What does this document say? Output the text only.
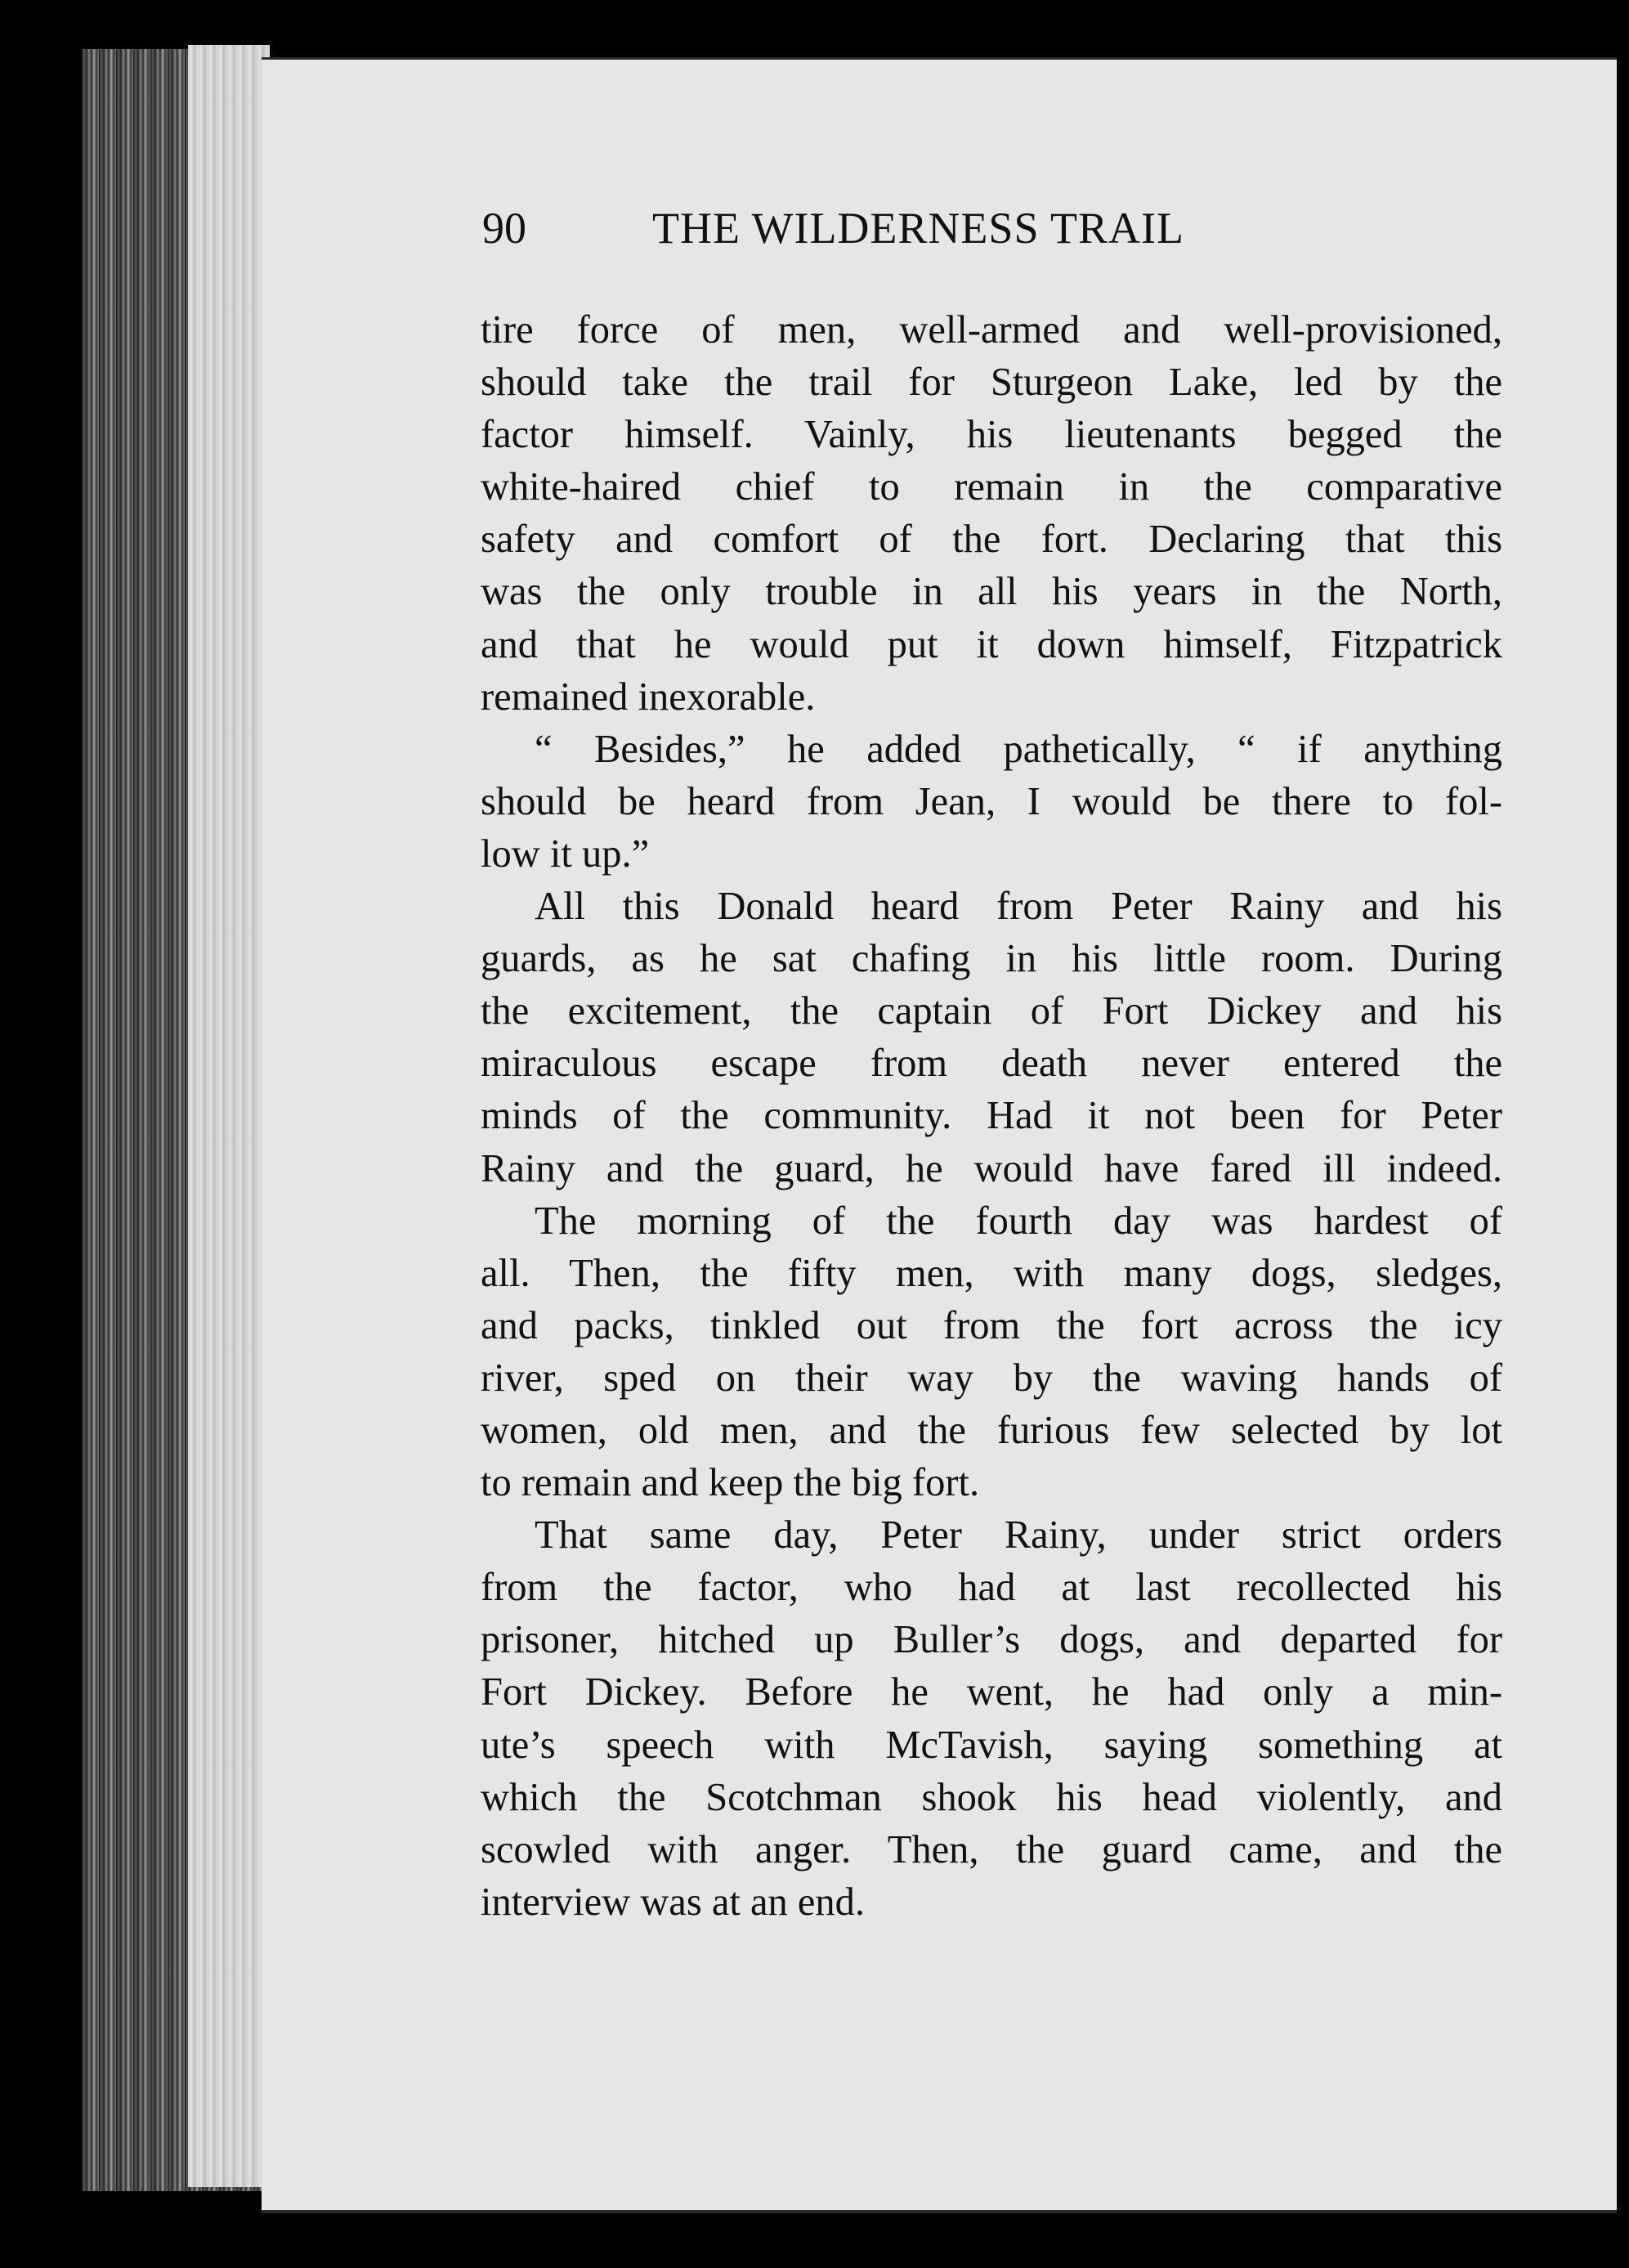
90	THE WILDERNESS TRAIL
tire force of men, well-armed and well-provisioned,
should take the trail for Sturgeon Lake, led by the
factor himself. Vainly, his lieutenants begged the
white-haired chief to remain in the comparative
safety and comfort of the fort. Declaring that this
was the only trouble in all his years in the North,
and that he would put it down himself, Fitzpatrick
remained inexorable.
“ Besides,” he added pathetically, “ if anything
should be heard from Jean, I would be there to fol-
low it up.”
All this Donald heard from Peter Rainy and his
guards, as he sat chafing in his little room. During
the excitement, the captain of Fort Dickey and his
miraculous escape from death never entered the
minds of the community. Had it not been for Peter
Rainy and the guard, he would have fared ill indeed.
The morning of the fourth day was hardest of
all. Then, the fifty men, with many dogs, sledges,
and packs, tinkled out from the fort across the icy
river, sped on their way by the waving hands of
women, old men, and the furious few selected by lot
to remain and keep the big fort.
That same day, Peter Rainy, under strict orders
from the factor, who had at last recollected his
prisoner, hitched up Buller’s dogs, and departed for
Fort Dickey. Before he went, he had only a min-
ute’s speech with McTavish, saying something at
which the Scotchman shook his head violently, and
scowled with anger. Then, the guard came, and the
interview was at an end.
